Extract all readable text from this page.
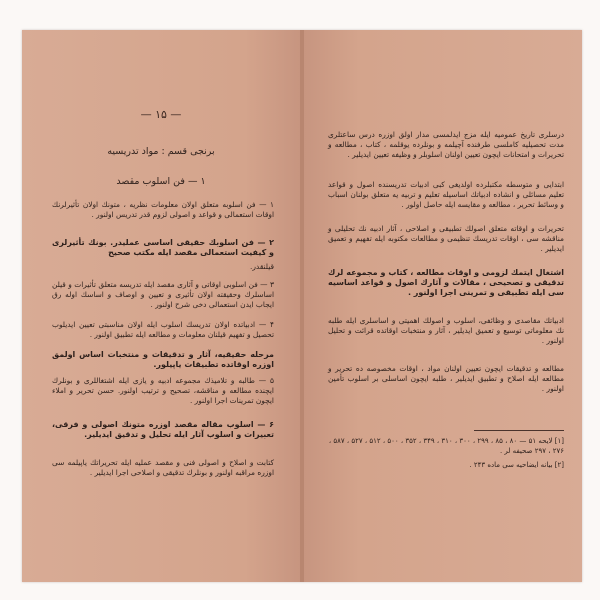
— ۱۵ —
برنجی قسم : مواد تدریسیه
۱ — فن اسلوب مقصد
۱ — فن اسلوبه متعلق اولان معلومات نظریه ، متونك اولان تأثیرلرنك اوقات استعمالی و قواعد و اصولی لزوم قدر تدریس اولنور .
۲ — فن اسلوبك حقیقی اساسی عملیدر. بونك تأثیرلری و كیفیت استعمالی مقصد ایله مكتب صحیح
قیلنقدر.
۳ — فن اسلوبی اوقاتی و آثاری مقصد ایله تدریسه متعلق تأثیرات و قیلن اساسلرك وحقیقته اولان تأثیری و تعیین و اوصاف و اساسك اوله رق ایجاب ایدن استعمالی دخی شرح اولنور .
۴ — ادبیاتده اولان تدریسك اسلوب ایله اولان مناسبتی تعیین ایدیلوب تحصیل و تفهیم قیلنان معلومات و مطالعه ایله تطبیق اولنور .
مرحله حقیقیه، آثار و تدقیقات و منتخبات اساس اولمق اوزره اوقاتده تطبیقات یاپیلور.
۵ — طالبه و تلامیذك مجموعه ادبیه و یازی ایله اشتغاللری و بونلرك ایچنده مطالعه و مناقشه، تصحیح و ترتیب اولنور. حسن تحریر و املاء ایچون تمرینات اجرا اولنور .
۶ — اسلوب مقاله مقصد اوزره متونك اصولی و فرقی، تعبیرات و اسلوب آثار ایله تحلیل و تدقیق ایدیلیر.
كتابت و اصلاح و اصولی فنی و مقصد عملیه ایله تحریراتك یاپیلمه سی اوزره مراقبه اولنور و بونلرك تدقیقی و اصلاحی اجرا ایدیلیر .
درسلری تاریخ عمومیه ایله مزج ایدلمسی مدار اولق اوزره درس ساعتلری مدت تحصیلیه كاملسی طرفنده آچیلمه و بونلرده یوقلمه ، كتاب ، مطالعه و تحریرات و امتحانات ایچون تعیین اولنان اسلوبلر و وظیفه تعیین ایدیلیر .
ابتدایی و متوسطه مكتبلرده اولدیغی كبی ادبیات تدریسنده اصول و قواعد تعلیم مسائلی و انشاده ادبیاتك اساسیله تعلیم و تربیه یه متعلق بولنان اسباب و وسائط تحریر ، مطالعه و مقایسه ایله حاصل اولور .
تحریرات و اوقاته متعلق اصولك تطبیقی و اصلاحی ، آثار ادبیه نك تحلیلی و مناقشه سی ، اوقات تدریسك تنظیمی و مطالعات مكتوبه ایله تفهیم و تعمیق ایدیلیر .
اشتغال ایتمك لزومی و اوقات مطالعه ، كتاب و مجموعه لرك تدقیقی و تصحیحی ، مقالات و آثارك اصول و قواعد اساسیه سی ایله تطبیقی و تمرینی اجرا اولنور .
ادبیاتك مقاصدی و وظائفی، اسلوب و اصولك اهمیتی و اساسلری ایله طلبه نك معلوماتی توسیع و تعمیق ایدیلیر ، آثار و منتخبات اوقاتده قرائت و تحلیل اولنور .
مطالعه و تدقیقات ایچون تعیین اولنان مواد ، اوقات مخصوصه ده تحریر و مطالعه ایله اصلاح و تطبیق ایدیلیر ، طلبه ایچون اساسلی بر اسلوب تأمین اولنور .
[۱] لایحه ۵۱ — ۸۰ ، ۸۵ ، ۲۹۹ ، ۳۰۰ ، ۳۱۰ ، ۳۴۹ ، ۳۵۲ ، ۵۰۰ ، ۵۱۲ ، ۵۲۷ ، ۵۸۷ ، ۲۷۶ ، ۲۹۷ صحیفه لر .
[۲] بیانه ایضاحیه سی ماده ۲۴۳ .
